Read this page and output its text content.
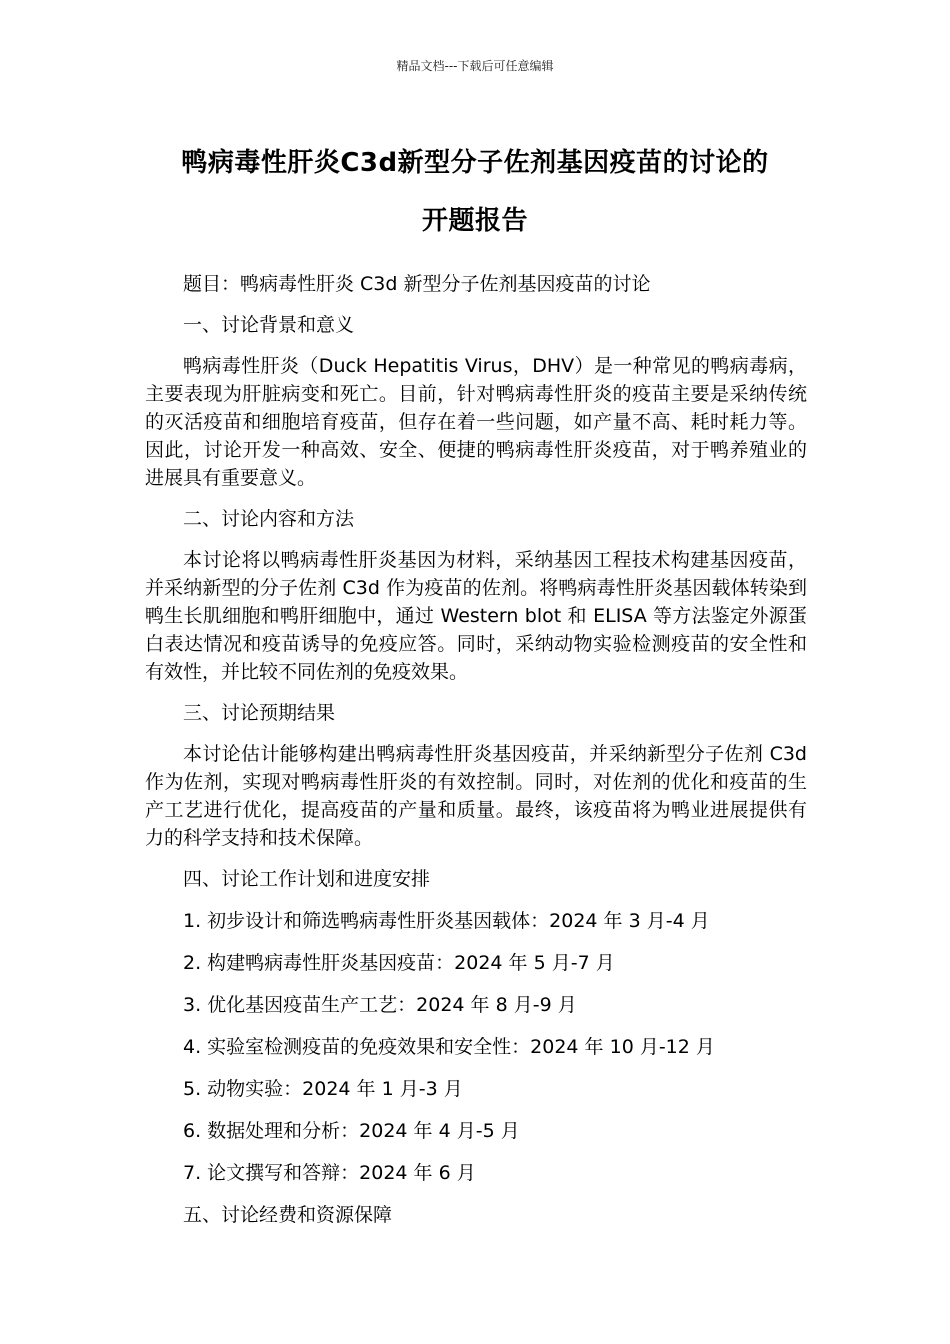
精品文档---下载后可任意编辑
鸭病毒性肝炎C3d新型分子佐剂基因疫苗的讨论的
开题报告

题目：鸭病毒性肝炎 C3d 新型分子佐剂基因疫苗的讨论

一、讨论背景和意义

鸭病毒性肝炎（Duck Hepatitis Virus，DHV）是一种常见的鸭病毒病，主要表现为肝脏病变和死亡。目前，针对鸭病毒性肝炎的疫苗主要是采纳传统的灭活疫苗和细胞培育疫苗，但存在着一些问题，如产量不高、耗时耗力等。因此，讨论开发一种高效、安全、便捷的鸭病毒性肝炎疫苗，对于鸭养殖业的进展具有重要意义。

二、讨论内容和方法

本讨论将以鸭病毒性肝炎基因为材料，采纳基因工程技术构建基因疫苗，并采纳新型的分子佐剂 C3d 作为疫苗的佐剂。将鸭病毒性肝炎基因载体转染到鸭生长肌细胞和鸭肝细胞中，通过 Western blot 和 ELISA 等方法鉴定外源蛋白表达情况和疫苗诱导的免疫应答。同时，采纳动物实验检测疫苗的安全性和有效性，并比较不同佐剂的免疫效果。

三、讨论预期结果

本讨论估计能够构建出鸭病毒性肝炎基因疫苗，并采纳新型分子佐剂 C3d 作为佐剂，实现对鸭病毒性肝炎的有效控制。同时，对佐剂的优化和疫苗的生产工艺进行优化，提高疫苗的产量和质量。最终，该疫苗将为鸭业进展提供有力的科学支持和技术保障。

四、讨论工作计划和进度安排

1. 初步设计和筛选鸭病毒性肝炎基因载体：2024 年 3 月-4 月

2. 构建鸭病毒性肝炎基因疫苗：2024 年 5 月-7 月

3. 优化基因疫苗生产工艺：2024 年 8 月-9 月

4. 实验室检测疫苗的免疫效果和安全性：2024 年 10 月-12 月

5. 动物实验：2024 年 1 月-3 月

6. 数据处理和分析：2024 年 4 月-5 月

7. 论文撰写和答辩：2024 年 6 月

五、讨论经费和资源保障
